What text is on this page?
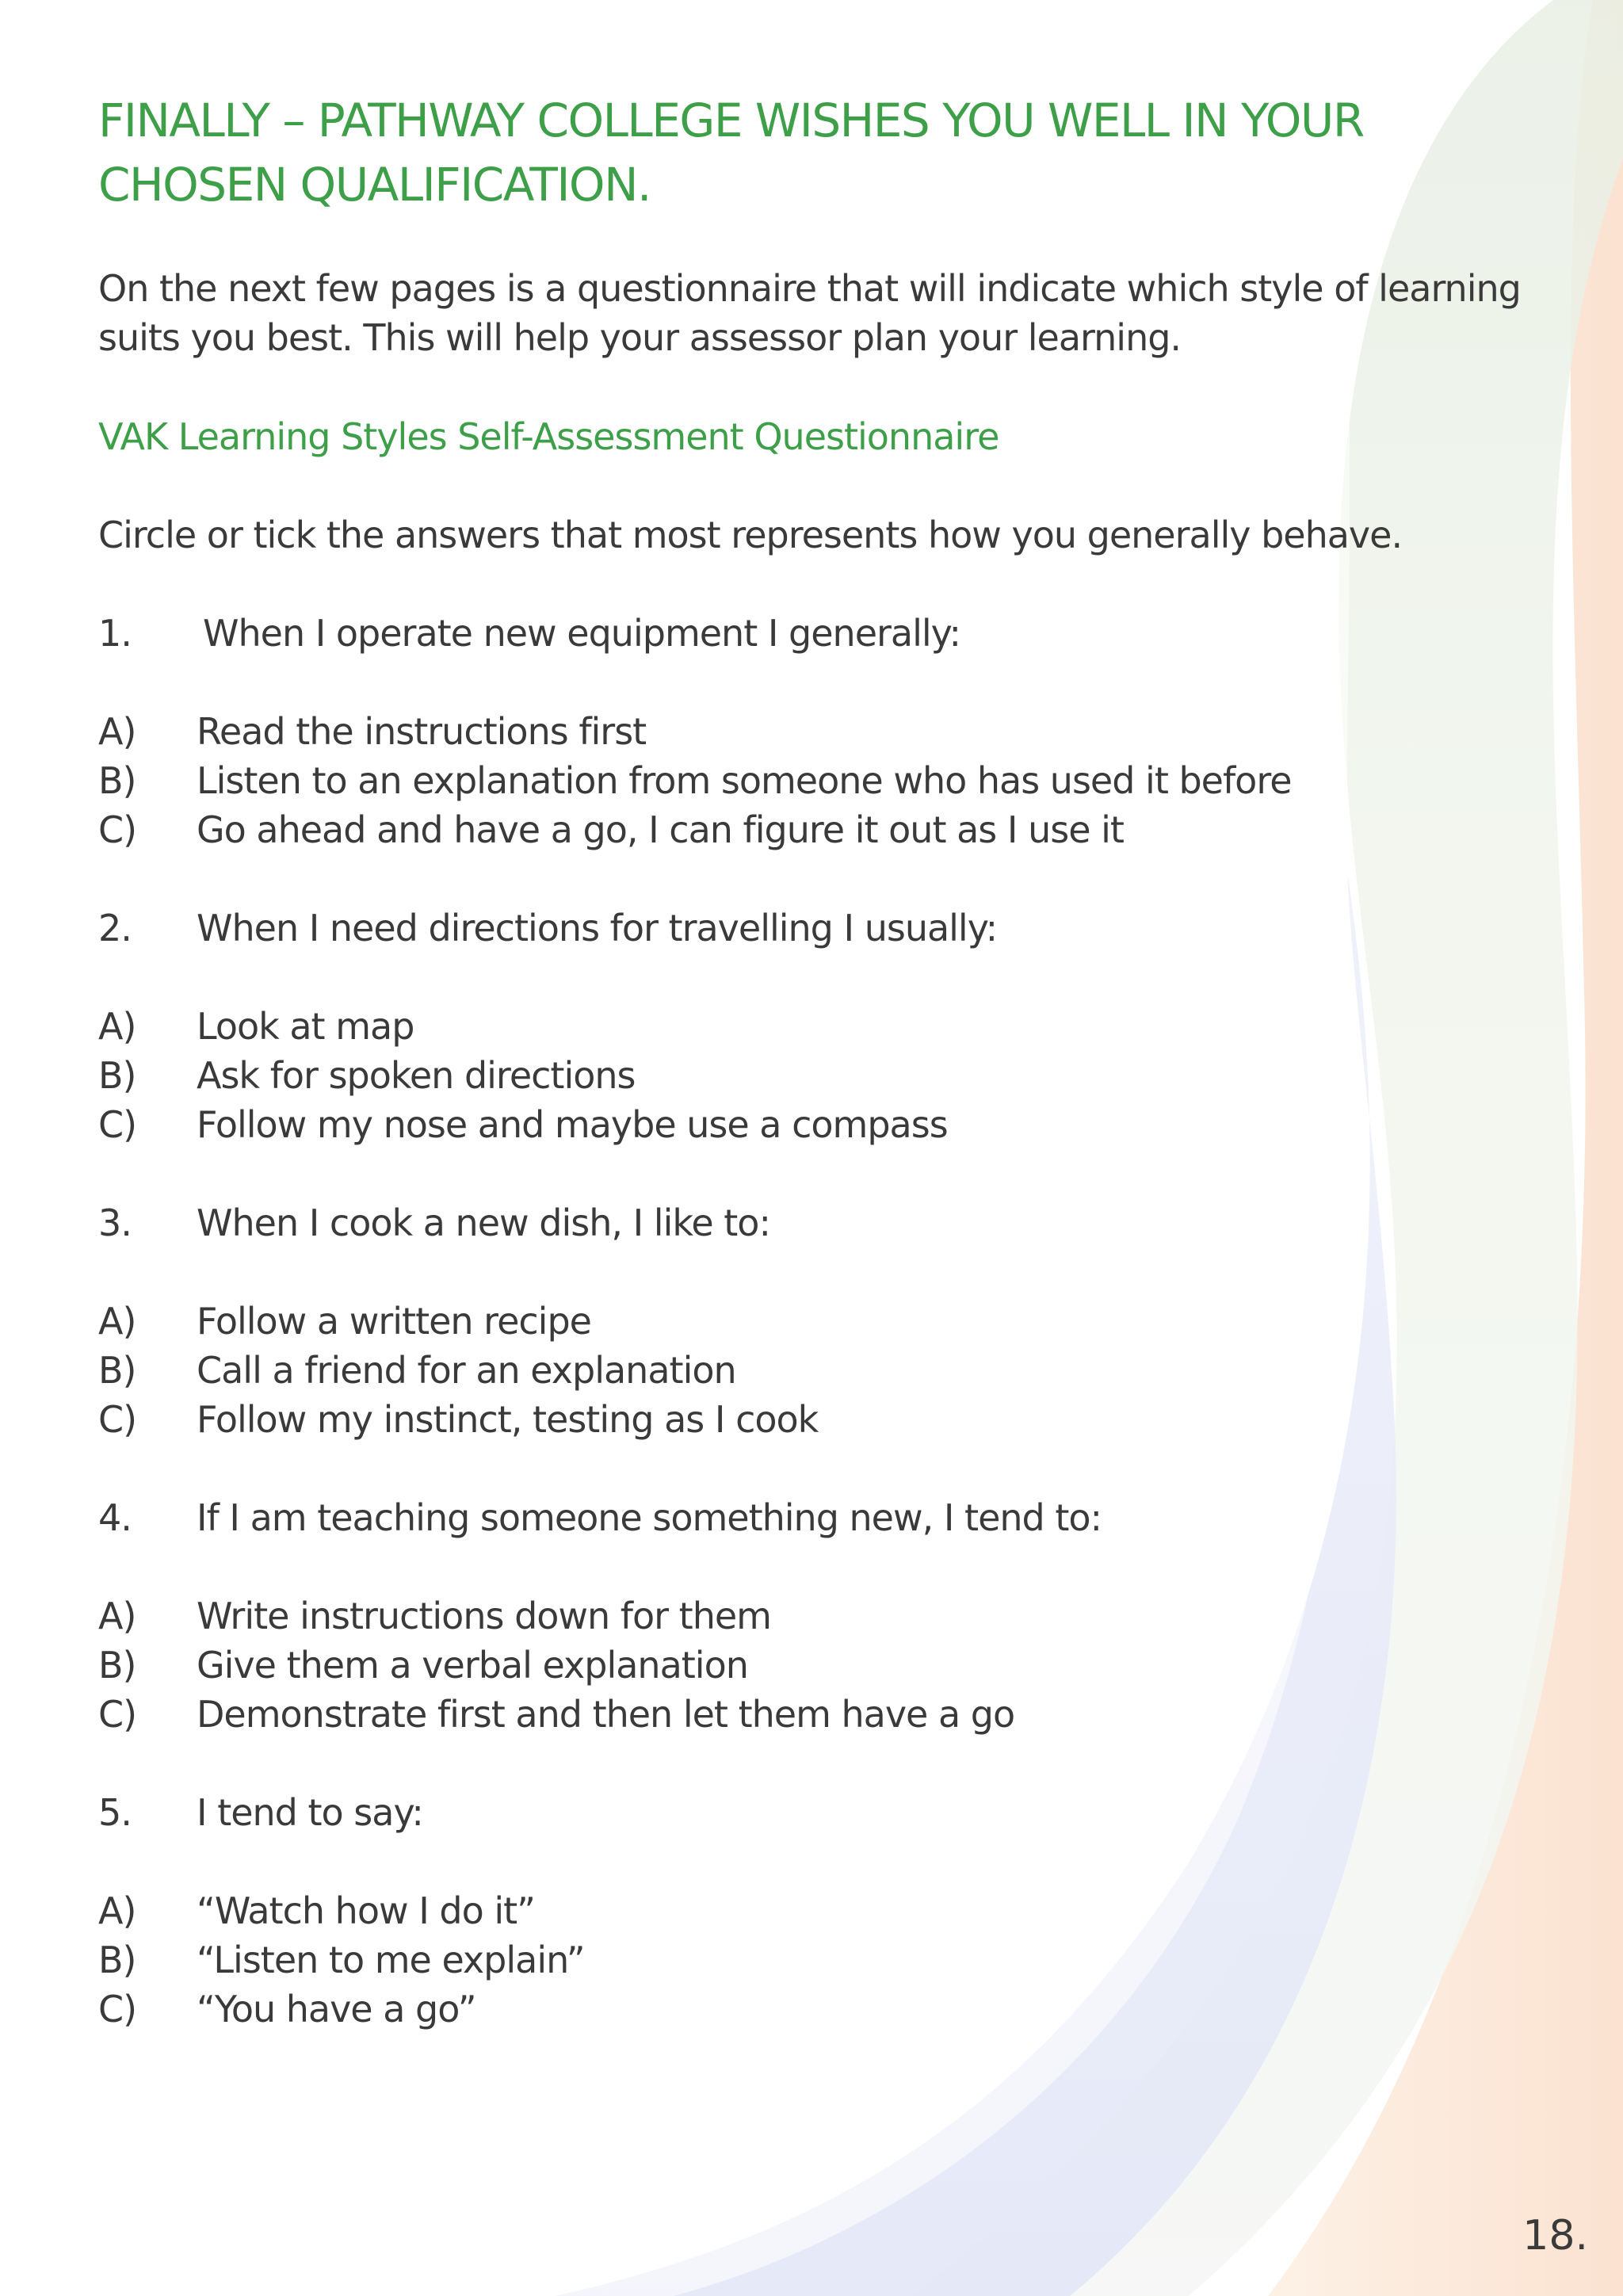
FINALLY – PATHWAY COLLEGE WISHES YOU WELL IN YOUR
CHOSEN QUALIFICATION.

On the next few pages is a questionnaire that will indicate which style of learning
suits you best. This will help your assessor plan your learning.

VAK Learning Styles Self-Assessment Questionnaire

Circle or tick the answers that most represents how you generally behave.

1. When I operate new equipment I generally:
A) Read the instructions first
B) Listen to an explanation from someone who has used it before
C) Go ahead and have a go, I can figure it out as I use it
2. When I need directions for travelling I usually:
A) Look at map
B) Ask for spoken directions
C) Follow my nose and maybe use a compass
3. When I cook a new dish, I like to:
A) Follow a written recipe
B) Call a friend for an explanation
C) Follow my instinct, testing as I cook
4. If I am teaching someone something new, I tend to:
A) Write instructions down for them
B) Give them a verbal explanation
C) Demonstrate first and then let them have a go
5. I tend to say:
A) “Watch how I do it”
B) “Listen to me explain”
C) “You have a go”
18.
